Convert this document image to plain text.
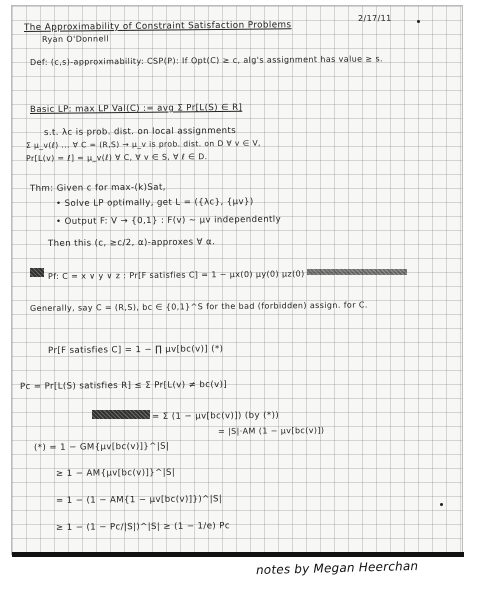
2/17/11
The Approximability of Constraint Satisfaction Problems
Ryan O'Donnell
Def: (c,s)-approximability: CSP(P): If Opt(C) ≥ c, alg's assignment has value ≥ s.
Basic LP: max LP Val(C) := avg Σ Pr[L(S) ∈ R]
s.t. λc is prob. dist. on local assignments
Σ μ_v(ℓ) ... ∀ C = (R,S) → μ_v is prob. dist. on D ∀ v ∈ V,
Pr[L(v) = ℓ] = μ_v(ℓ) ∀ C, ∀ v ∈ S, ∀ ℓ ∈ D.
Thm: Given c for max-(k)Sat,
• Solve LP optimally, get L = ({λc}, {μv})
• Output F: V → {0,1} : F(v) ~ μv independently
Then this (c, ≥c/2, α)-approxes ∀ α.
Pf: C = x ∨ y ∨ z : Pr[F satisfies C] = 1 − μx(0) μy(0) μz(0)
Generally, say C = (R,S), bc ∈ {0,1}^S for the bad (forbidden) assign. for C.
Pr[F satisfies C] = 1 − ∏ μv[bc(v)] (*)
Pc = Pr[L(S) satisfies R] ≤ Σ Pr[L(v) ≠ bc(v)]
= Σ (1 − μv[bc(v)]) (by (*))
= |S|·AM (1 − μv[bc(v)])
(*) = 1 − GM{μv[bc(v)]}^|S|
≥ 1 − AM{μv[bc(v)]}^|S|
= 1 − (1 − AM{1 − μv[bc(v)]})^|S|
≥ 1 − (1 − Pc/|S|)^|S| ≥ (1 − 1/e) Pc
notes by Megan Heerchan
